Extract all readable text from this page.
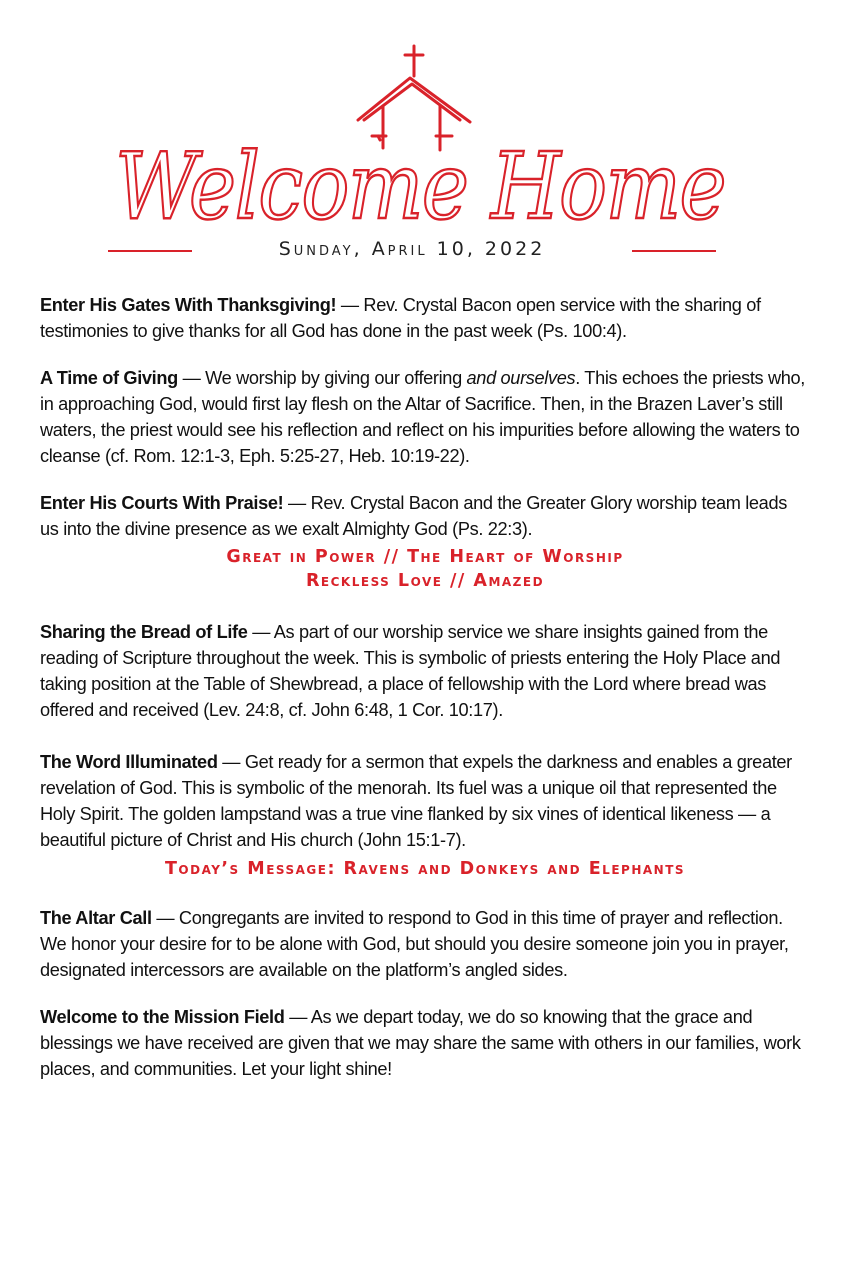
Welcome Home
Sunday, April 10, 2022

Enter His Gates With Thanksgiving! — Rev. Crystal Bacon open service with the sharing of testimonies to give thanks for all God has done in the past week (Ps. 100:4).

A Time of Giving — We worship by giving our offering and ourselves. This echoes the priests who, in approaching God, would first lay flesh on the Altar of Sacrifice. Then, in the Brazen Laver’s still waters, the priest would see his reflection and reflect on his impurities before allowing the waters to cleanse (cf. Rom. 12:1-3, Eph. 5:25-27, Heb. 10:19-22).

Enter His Courts With Praise! — Rev. Crystal Bacon and the Greater Glory worship team leads us into the divine presence as we exalt Almighty God (Ps. 22:3).

Great in Power // The Heart of Worship
Reckless Love // Amazed

Sharing the Bread of Life — As part of our worship service we share insights gained from the reading of Scripture throughout the week. This is symbolic of priests entering the Holy Place and taking position at the Table of Shewbread, a place of fellowship with the Lord where bread was offered and received (Lev. 24:8, cf. John 6:48, 1 Cor. 10:17).

The Word Illuminated — Get ready for a sermon that expels the darkness and enables a greater revelation of God. This is symbolic of the menorah. Its fuel was a unique oil that represented the Holy Spirit. The golden lampstand was a true vine flanked by six vines of identical likeness — a beautiful picture of Christ and His church (John 15:1-7).

Today’s Message: Ravens and Donkeys and Elephants

The Altar Call — Congregants are invited to respond to God in this time of prayer and reflection. We honor your desire for to be alone with God, but should you desire someone join you in prayer, designated intercessors are available on the platform’s angled sides.

Welcome to the Mission Field — As we depart today, we do so knowing that the grace and blessings we have received are given that we may share the same with others in our families, work places, and communities. Let your light shine!
